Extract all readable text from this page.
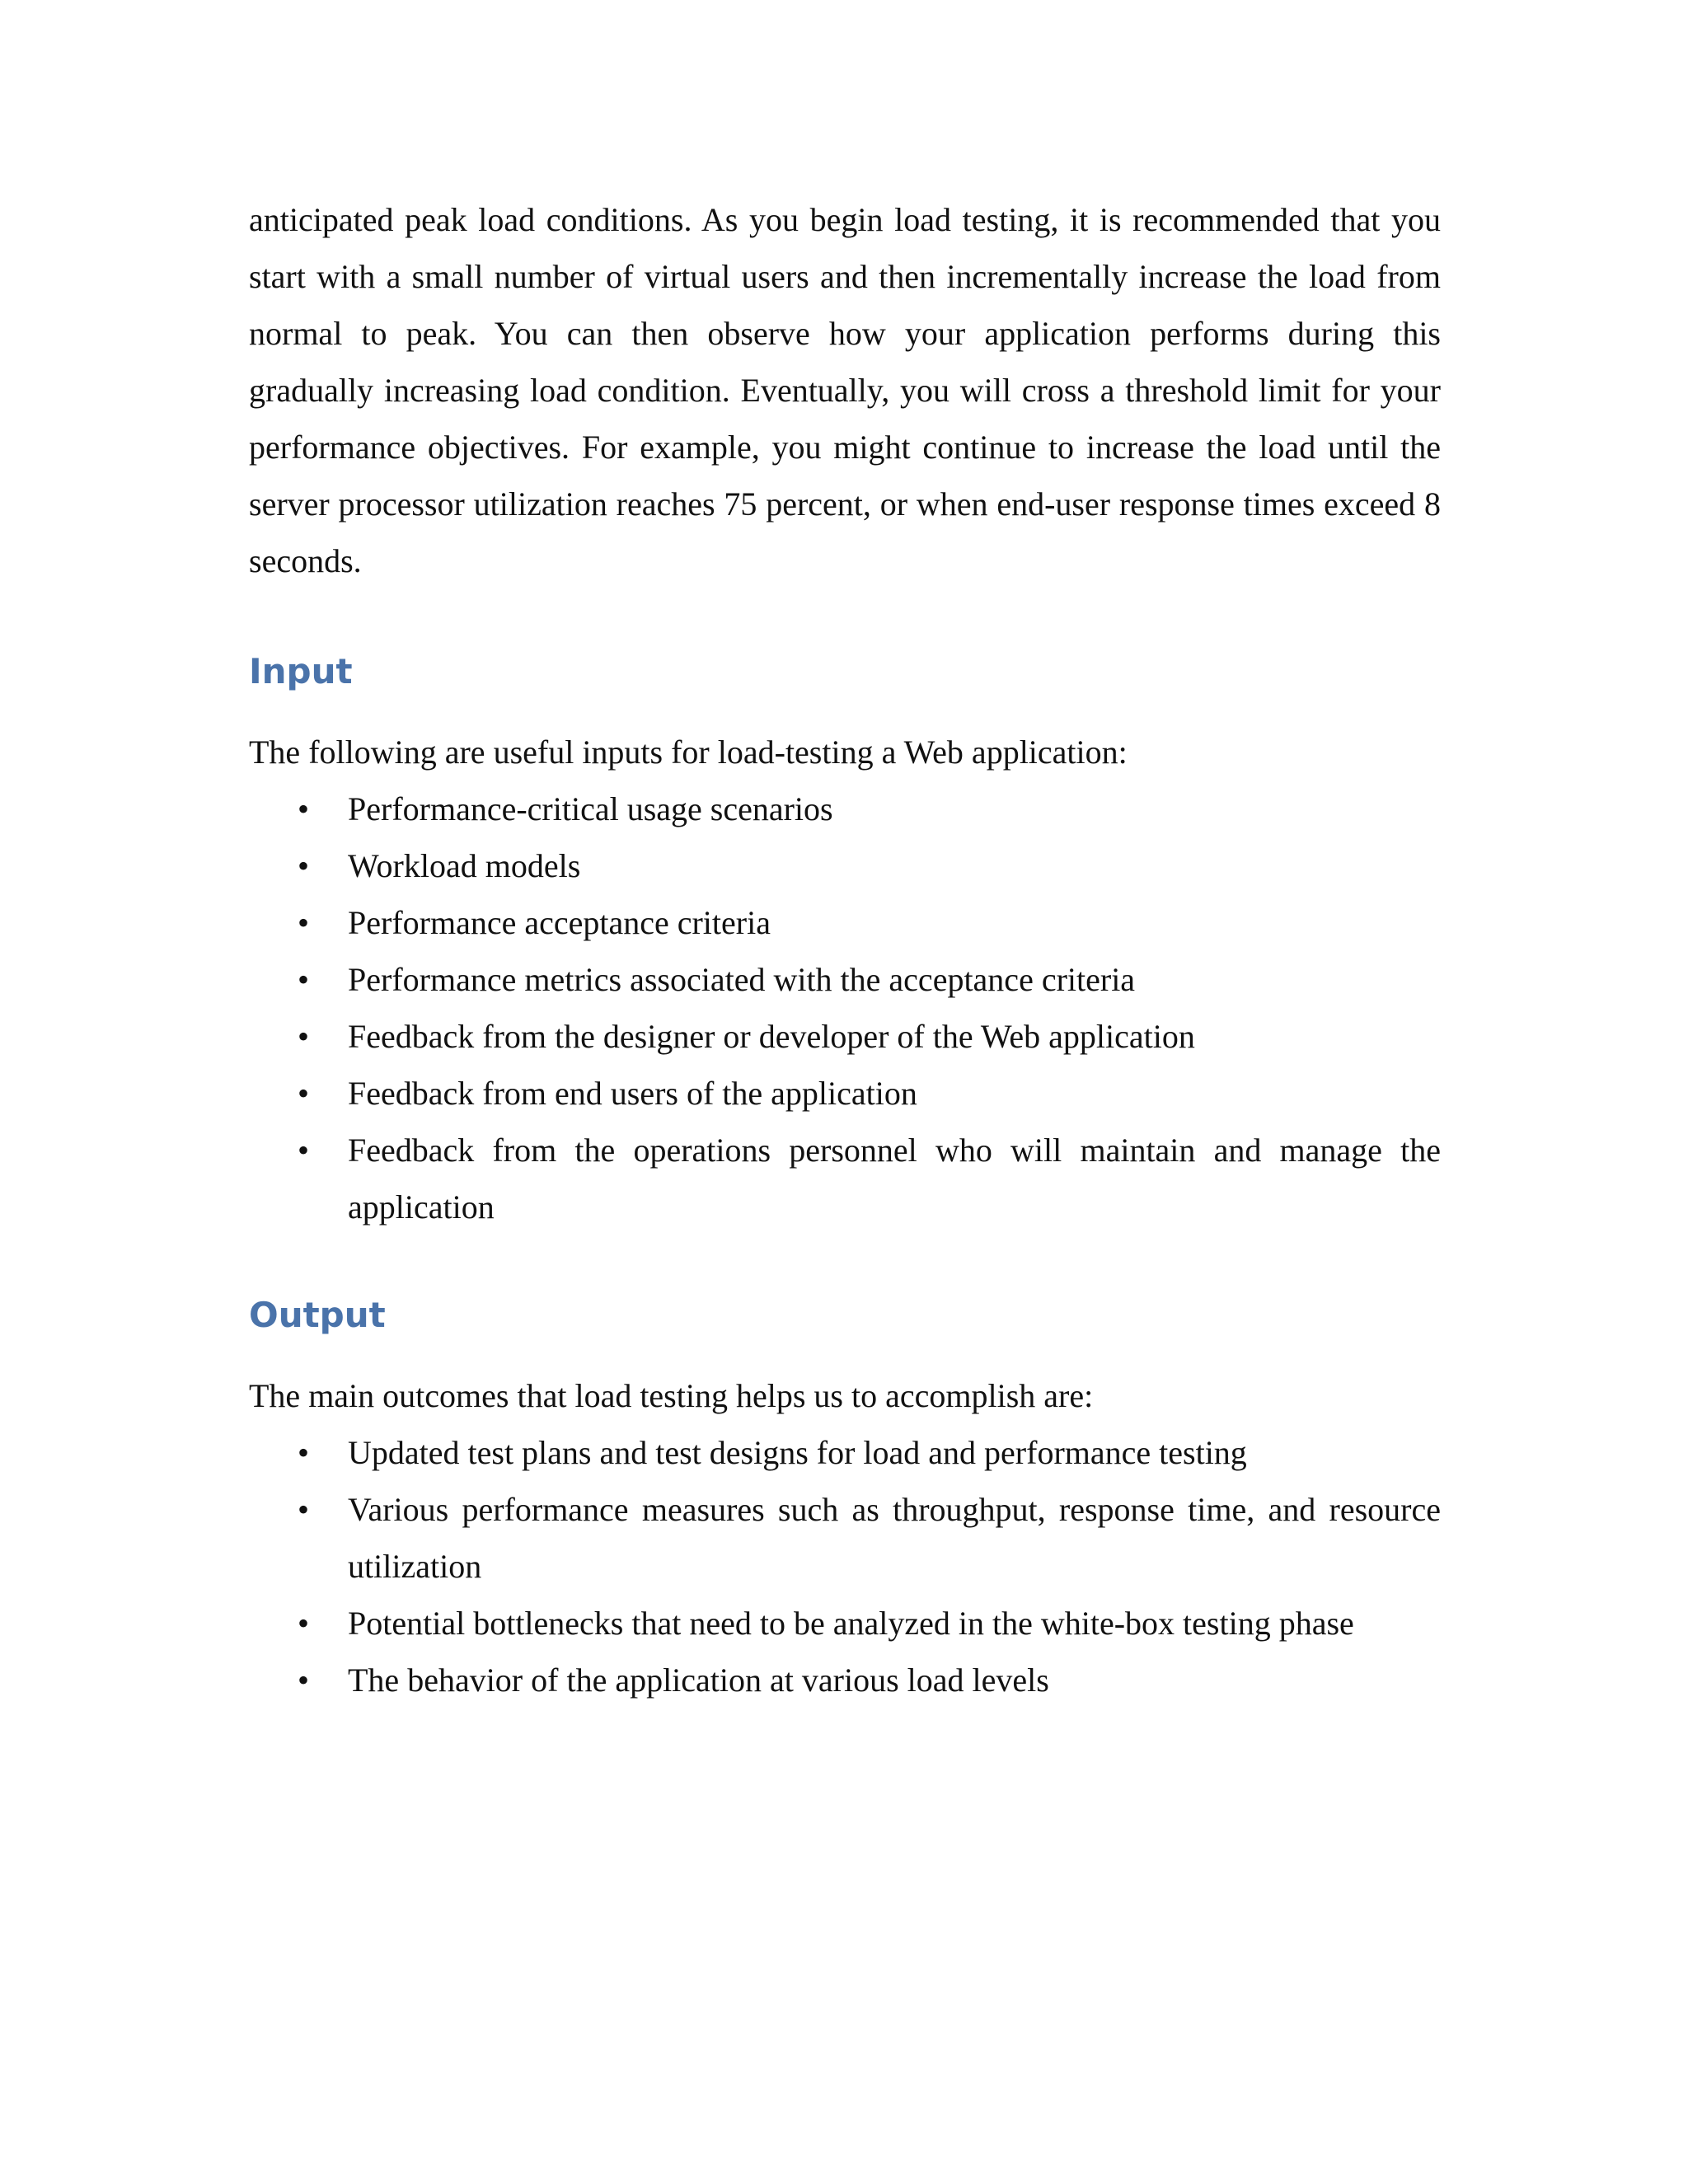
anticipated peak load conditions. As you begin load testing, it is recommended that you start with a small number of virtual users and then incrementally increase the load from normal to peak. You can then observe how your application performs during this gradually increasing load condition. Eventually, you will cross a threshold limit for your performance objectives. For example, you might continue to increase the load until the server processor utilization reaches 75 percent, or when end-user response times exceed 8 seconds.

Input

The following are useful inputs for load-testing a Web application:

• Performance-critical usage scenarios
• Workload models
• Performance acceptance criteria
• Performance metrics associated with the acceptance criteria
• Feedback from the designer or developer of the Web application
• Feedback from end users of the application
• Feedback from the operations personnel who will maintain and manage the application
Output

The main outcomes that load testing helps us to accomplish are:

• Updated test plans and test designs for load and performance testing
• Various performance measures such as throughput, response time, and resource utilization
• Potential bottlenecks that need to be analyzed in the white-box testing phase
• The behavior of the application at various load levels
